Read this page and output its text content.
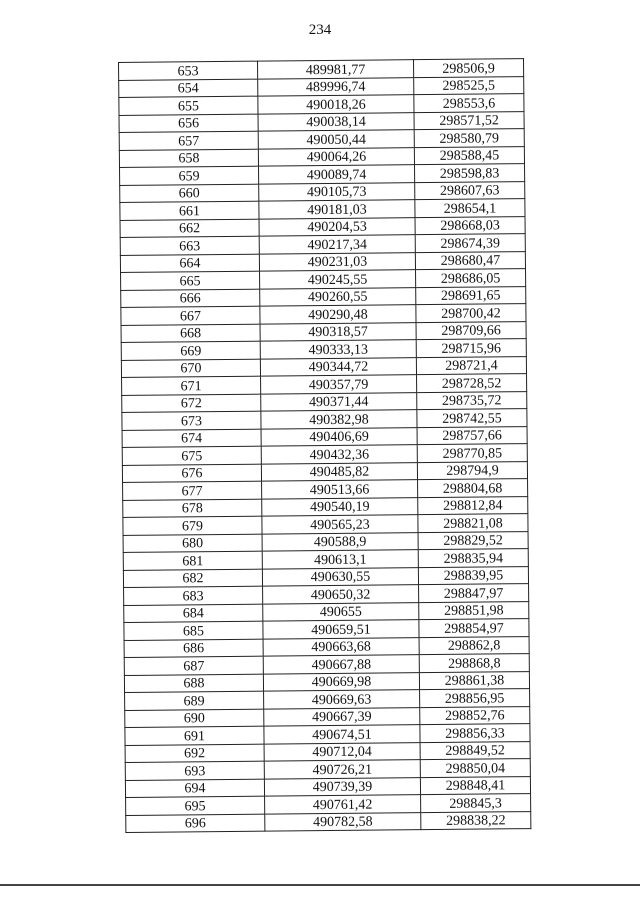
234
653	489981,77	298506,9
654	489996,74	298525,5
655	490018,26	298553,6
656	490038,14	298571,52
657	490050,44	298580,79
658	490064,26	298588,45
659	490089,74	298598,83
660	490105,73	298607,63
661	490181,03	298654,1
662	490204,53	298668,03
663	490217,34	298674,39
664	490231,03	298680,47
665	490245,55	298686,05
666	490260,55	298691,65
667	490290,48	298700,42
668	490318,57	298709,66
669	490333,13	298715,96
670	490344,72	298721,4
671	490357,79	298728,52
672	490371,44	298735,72
673	490382,98	298742,55
674	490406,69	298757,66
675	490432,36	298770,85
676	490485,82	298794,9
677	490513,66	298804,68
678	490540,19	298812,84
679	490565,23	298821,08
680	490588,9	298829,52
681	490613,1	298835,94
682	490630,55	298839,95
683	490650,32	298847,97
684	490655	298851,98
685	490659,51	298854,97
686	490663,68	298862,8
687	490667,88	298868,8
688	490669,98	298861,38
689	490669,63	298856,95
690	490667,39	298852,76
691	490674,51	298856,33
692	490712,04	298849,52
693	490726,21	298850,04
694	490739,39	298848,41
695	490761,42	298845,3
696	490782,58	298838,22
